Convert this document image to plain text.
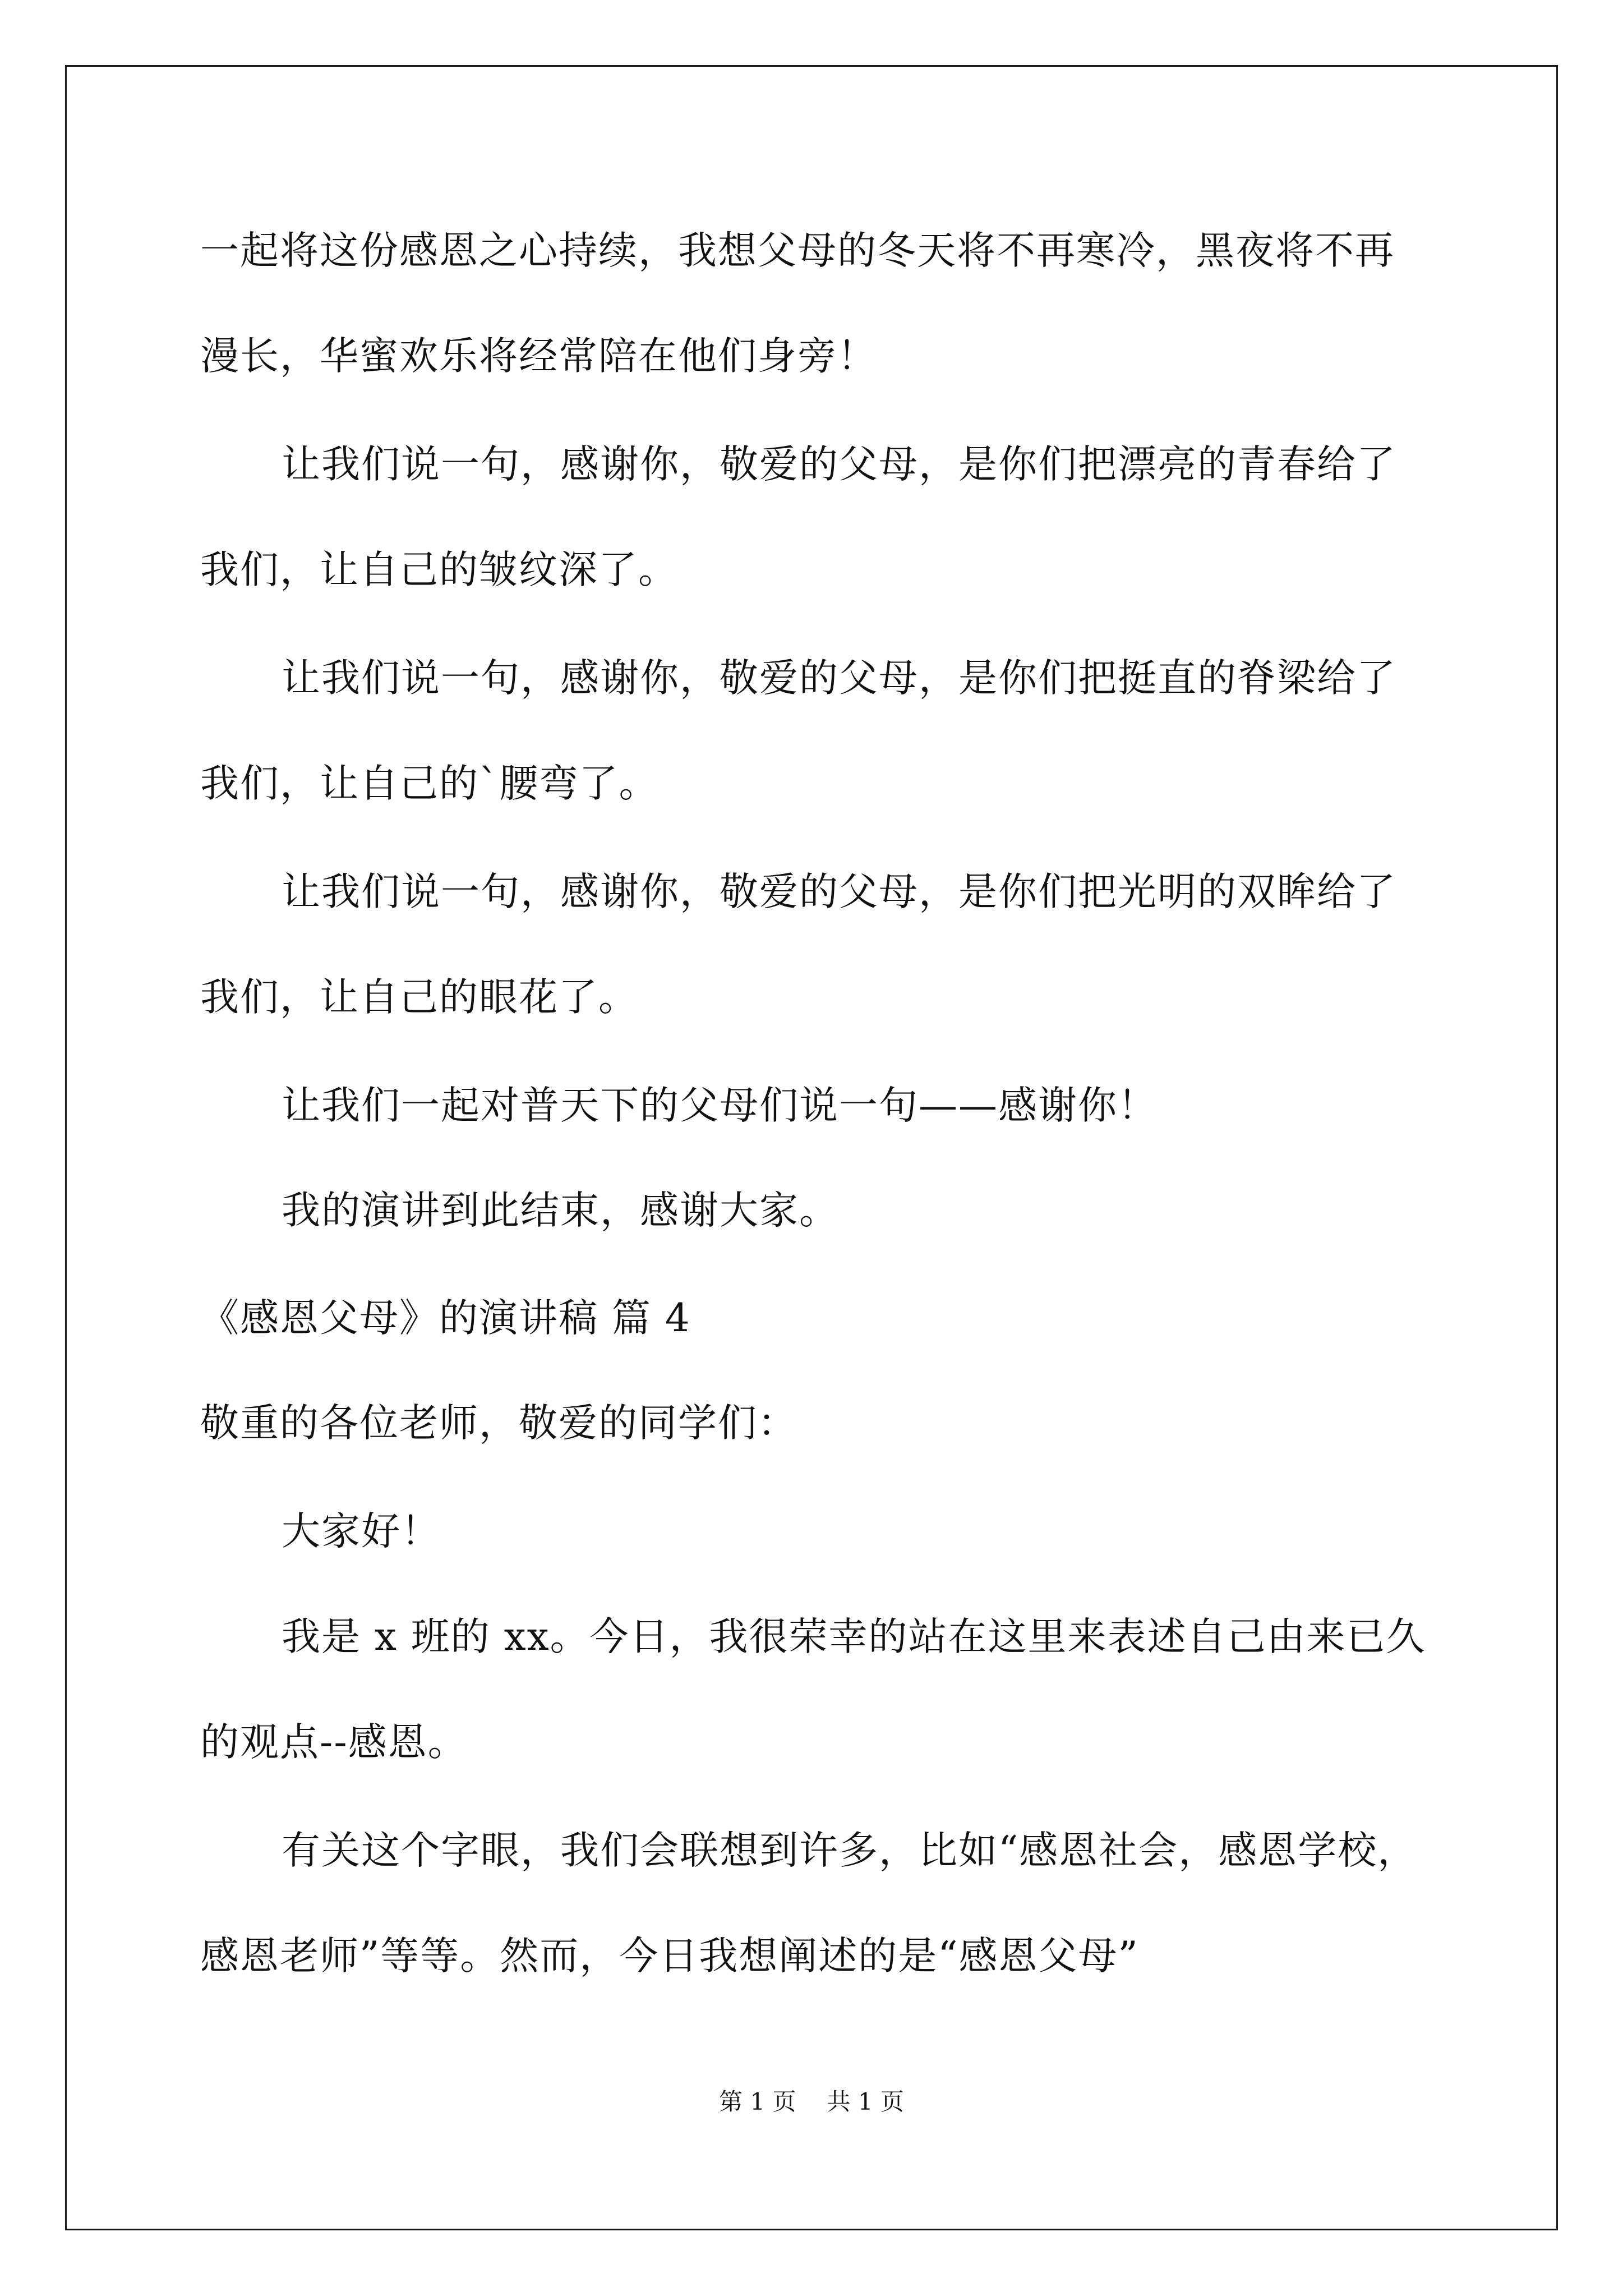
一起将这份感恩之心持续，我想父母的冬天将不再寒冷，黑夜将不再
漫长，华蜜欢乐将经常陪在他们身旁！
让我们说一句，感谢你，敬爱的父母，是你们把漂亮的青春给了
我们，让自己的皱纹深了。
让我们说一句，感谢你，敬爱的父母，是你们把挺直的脊梁给了
我们，让自己的`腰弯了。
让我们说一句，感谢你，敬爱的父母，是你们把光明的双眸给了
我们，让自己的眼花了。
让我们一起对普天下的父母们说一句——感谢你！
我的演讲到此结束，感谢大家。
《感恩父母》的演讲稿 篇 4
敬重的各位老师，敬爱的同学们：
大家好！
我是 x 班的 xx。今日，我很荣幸的站在这里来表述自己由来已久
的观点--感恩。
有关这个字眼，我们会联想到许多，比如“感恩社会，感恩学校，
感恩老师”等等。然而，今日我想阐述的是“感恩父母”
第 1 页 共 1 页
